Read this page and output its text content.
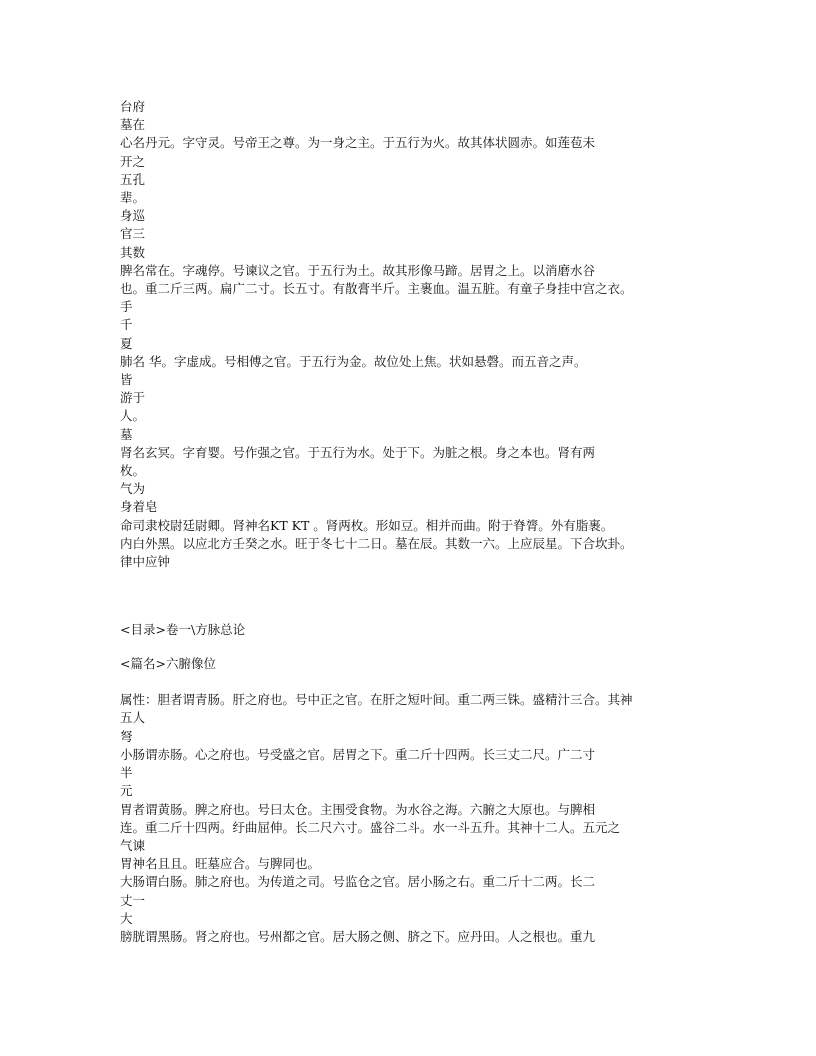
台府
墓在
心名丹元。字守灵。号帝王之尊。为一身之主。于五行为火。故其体状圆赤。如莲苞未
开之
五孔
辈。
身巡
官三
其数
脾名常在。字魂停。号谏议之官。于五行为土。故其形像马蹄。居胃之上。以消磨水谷
也。重二斤三两。扁广二寸。长五寸。有散膏半斤。主裹血。温五脏。有童子身挂中宫之衣。
手
千
夏
肺名 华。字虚成。号相傅之官。于五行为金。故位处上焦。状如悬磬。而五音之声。
皆
游于
人。
墓
肾名玄冥。字育婴。号作强之官。于五行为水。处于下。为脏之根。身之本也。肾有两
枚。
气为
身着皂
命司隶校尉廷尉卿。肾神名KT KT 。肾两枚。形如豆。相并而曲。附于脊膂。外有脂裹。
内白外黑。以应北方壬癸之水。旺于冬七十二日。墓在辰。其数一六。上应辰星。下合坎卦。
律中应钟
<目录>卷一\方脉总论
<篇名>六腑像位
属性：胆者谓青肠。肝之府也。号中正之官。在肝之短叶间。重二两三铢。盛精汁三合。其神
五人
弩
小肠谓赤肠。心之府也。号受盛之官。居胃之下。重二斤十四两。长三丈二尺。广二寸
半
元
胃者谓黄肠。脾之府也。号曰太仓。主围受食物。为水谷之海。六腑之大原也。与脾相
连。重二斤十四两。纡曲屈伸。长二尺六寸。盛谷二斗。水一斗五升。其神十二人。五元之
气谏
胃神名且且。旺墓应合。与脾同也。
大肠谓白肠。肺之府也。为传道之司。号监仓之官。居小肠之右。重二斤十二两。长二
丈一
大
膀胱谓黑肠。肾之府也。号州都之官。居大肠之侧、脐之下。应丹田。人之根也。重九
